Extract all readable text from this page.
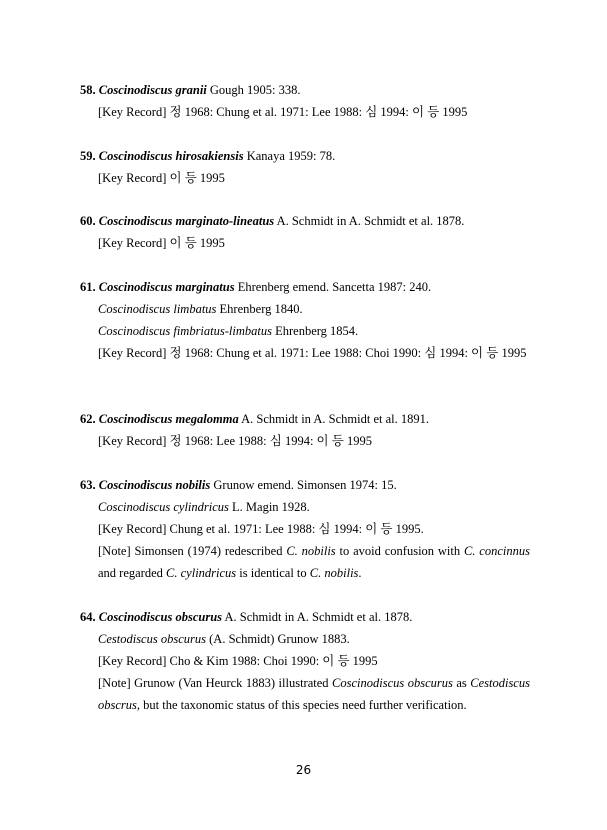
58. Coscinodiscus granii Gough 1905: 338.
[Key Record] 정 1968: Chung et al. 1971: Lee 1988: 심 1994: 이 등 1995
59. Coscinodiscus hirosakiensis Kanaya 1959: 78.
[Key Record] 이 등 1995
60. Coscinodiscus marginato-lineatus A. Schmidt in A. Schmidt et al. 1878.
[Key Record] 이 등 1995
61. Coscinodiscus marginatus Ehrenberg emend. Sancetta 1987: 240.
Coscinodiscus limbatus Ehrenberg 1840.
Coscinodiscus fimbriatus-limbatus Ehrenberg 1854.
[Key Record] 정 1968: Chung et al. 1971: Lee 1988: Choi 1990: 심 1994: 이 등 1995
62. Coscinodiscus megalomma A. Schmidt in A. Schmidt et al. 1891.
[Key Record] 정 1968: Lee 1988: 심 1994: 이 등 1995
63. Coscinodiscus nobilis Grunow emend. Simonsen 1974: 15.
Coscinodiscus cylindricus L. Magin 1928.
[Key Record] Chung et al. 1971: Lee 1988: 심 1994: 이 등 1995.
[Note] Simonsen (1974) redescribed C. nobilis to avoid confusion with C. concinnus and regarded C. cylindricus is identical to C. nobilis.
64. Coscinodiscus obscurus A. Schmidt in A. Schmidt et al. 1878.
Cestodiscus obscurus (A. Schmidt) Grunow 1883.
[Key Record] Cho & Kim 1988: Choi 1990: 이 등 1995
[Note] Grunow (Van Heurck 1883) illustrated Coscinodiscus obscurus as Cestodiscus obscrus, but the taxonomic status of this species need further verification.
26
